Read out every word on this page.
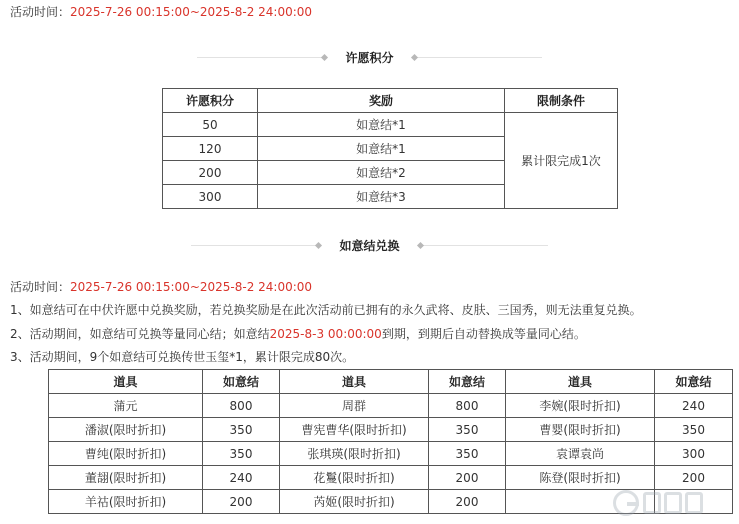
活动时间：2025-7-26 00:15:00~2025-8-2 24:00:00
许愿积分
许愿积分	奖励	限制条件
50	如意结*1	累计限完成1次
120	如意结*1	
200	如意结*2	
300	如意结*3	
如意结兑换
活动时间：2025-7-26 00:15:00~2025-8-2 24:00:00
1、如意结可在中伏许愿中兑换奖励，若兑换奖励是在此次活动前已拥有的永久武将、皮肤、三国秀，则无法重复兑换。
2、活动期间，如意结可兑换等量同心结；如意结2025-8-3 00:00:00到期，到期后自动替换成等量同心结。
3、活动期间，9个如意结可兑换传世玉玺*1，累计限完成80次。
道具	如意结	道具	如意结	道具	如意结
蒲元	800	周群	800	李婉(限时折扣)	240
潘淑(限时折扣)	350	曹宪曹华(限时折扣)	350	曹婴(限时折扣)	350
曹纯(限时折扣)	350	张琪瑛(限时折扣)	350	袁谭袁尚	300
董翓(限时折扣)	240	花鬘(限时折扣)	200	陈登(限时折扣)	200
羊祜(限时折扣)	200	芮姬(限时折扣)	200		
